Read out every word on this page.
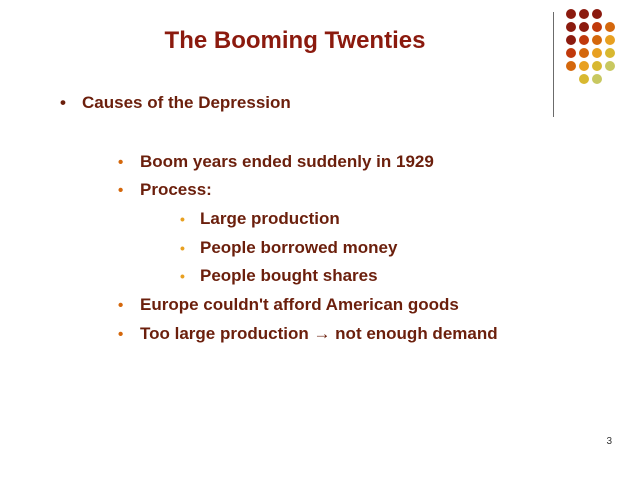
The Booming Twenties
• Causes of the Depression
• Boom years ended suddenly in 1929
• Process:
• Large production
• People borrowed money
• People bought shares
• Europe couldn't afford American goods
• Too large production → not enough demand
3
